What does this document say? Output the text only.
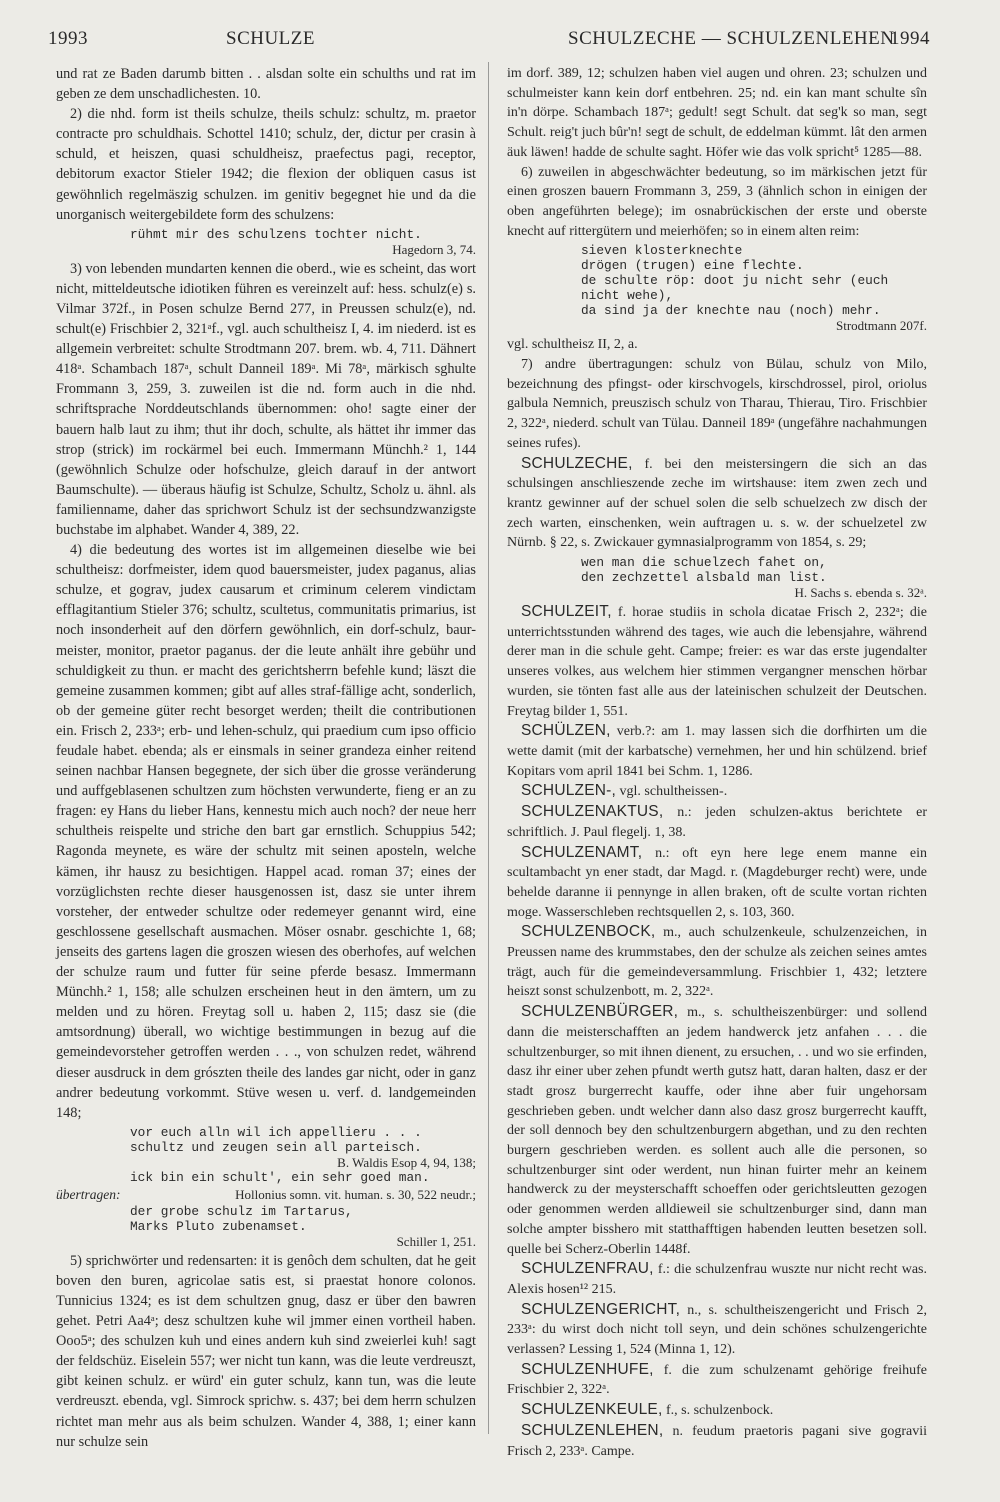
1993	SCHULZE	SCHULZECHE — SCHULZENLEHEN
1994

und rat ze Baden darumb bitten . . alsdan solte ein schulths und rat im geben ze dem unschadlichesten. 10.

2) die nhd. form ist theils schulze, theils schulz: schultz, m. praetor contracte pro schuldhais. Schottel 1410; schulz, der, dictur per crasin à schuld, et heiszen, quasi schuldheisz, praefectus pagi, receptor, debitorum exactor Stieler 1942; die flexion der obliquen casus ist gewöhnlich regelmäszig schulzen. im genitiv begegnet hie und da die unorganisch weitergebildete form des schulzens:

rühmt mir des schulzens tochter nicht.
Hagedorn 3, 74.

3) von lebenden mundarten kennen die oberd., wie es scheint, das wort nicht, mitteldeutsche idiotiken führen es vereinzelt auf: hess. schulz(e) s. Vilmar 372f., in Posen schulze Bernd 277, in Preussen schulz(e), nd. schult(e) Frischbier 2, 321ᵃf., vgl. auch schultheisz I, 4. im niederd. ist es allgemein verbreitet: schulte Strodtmann 207. brem. wb. 4, 711. Dähnert 418ᵃ. Schambach 187ᵃ, schult Danneil 189ᵃ. Mi 78ᵃ, märkisch sghulte Frommann 3, 259, 3. zuweilen ist die nd. form auch in die nhd. schriftsprache Norddeutschlands übernommen: oho! sagte einer der bauern halb laut zu ihm; thut ihr doch, schulte, als hättet ihr immer das strop (strick) im rockärmel bei euch. Immermann Münchh.² 1, 144 (gewöhnlich Schulze oder hofschulze, gleich darauf in der antwort Baumschulte). — überaus häufig ist Schulze, Schultz, Scholz u. ähnl. als familienname, daher das sprichwort Schulz ist der sechsundzwanzigste buchstabe im alphabet. Wander 4, 389, 22.

4) die bedeutung des wortes ist im allgemeinen dieselbe wie bei schultheisz: dorfmeister, idem quod bauersmeister, judex paganus, alias schulze, et gograv, judex causarum et criminum celerem vindictam efflagitantium Stieler 376; schultz, scultetus, communitatis primarius, ist noch insonderheit auf den dörfern gewöhnlich, ein dorf-schulz, baur-meister, monitor, praetor paganus. der die leute anhält ihre gebühr und schuldigkeit zu thun. er macht des gerichtsherrn befehle kund; läszt die gemeine zusammen kommen; gibt auf alles straf-fällige acht, sonderlich, ob der gemeine güter recht besorget werden; theilt die contributionen ein. Frisch 2, 233ᵃ; erb- und lehen-schulz, qui praedium cum ipso officio feudale habet. ebenda; als er einsmals in seiner grandeza einher reitend seinen nachbar Hansen begegnete, der sich über die grosse veränderung und auffgeblasenen schultzen zum höchsten verwunderte, fieng er an zu fragen: ey Hans du lieber Hans, kennestu mich auch noch? der neue herr schultheis reispelte und striche den bart gar ernstlich. Schuppius 542; Ragonda meynete, es wäre der schultz mit seinen aposteln, welche kämen, ihr hausz zu besichtigen. Happel acad. roman 37; eines der vorzüglichsten rechte dieser hausgenossen ist, dasz sie unter ihrem vorsteher, der entweder schultze oder redemeyer genannt wird, eine geschlossene gesellschaft ausmachen. Möser osnabr. geschichte 1, 68; jenseits des gartens lagen die groszen wiesen des oberhofes, auf welchen der schulze raum und futter für seine pferde besasz. Immermann Münchh.² 1, 158; alle schulzen erscheinen heut in den ämtern, um zu melden und zu hören. Freytag soll u. haben 2, 115; dasz sie (die amtsordnung) überall, wo wichtige bestimmungen in bezug auf die gemeindevorsteher getroffen werden . . ., von schulzen redet, während dieser ausdruck in dem grószten theile des landes gar nicht, oder in ganz andrer bedeutung vorkommt. Stüve wesen u. verf. d. landgemeinden 148;

vor euch alln wil ich appellieru . . .
schultz und zeugen sein all parteisch.
B. Waldis Esop 4, 94, 138;
ick bin ein schult', ein sehr goed man.
übertragen:	Hollonius somn. vit. human. s. 30, 522 neudr.;
der grobe schulz im Tartarus,
Marks Pluto zubenamset.
Schiller 1, 251.

5) sprichwörter und redensarten: it is genôch dem schulten, dat he geit boven den buren, agricolae satis est, si praestat honore colonos. Tunnicius 1324; es ist dem schultzen gnug, dasz er über den bawren gehet. Petri Aa4ᵃ; desz schultzen kuhe wil jmmer einen vortheil haben. Ooo5ᵃ; des schulzen kuh und eines andern kuh sind zweierlei kuh! sagt der feldschüz. Eiselein 557; wer nicht tun kann, was die leute verdreuszt, gibt keinen schulz. er würd' ein guter schulz, kann tun, was die leute verdreuszt. ebenda, vgl. Simrock sprichw. s. 437; bei dem herrn schulzen richtet man mehr aus als beim schulzen. Wander 4, 388, 1; einer kann nur schulze sein

im dorf. 389, 12; schulzen haben viel augen und ohren. 23; schulzen und schulmeister kann kein dorf entbehren. 25; nd. ein kan mant schulte sîn in'n dörpe. Schambach 187ᵃ; gedult! segt Schult. dat seg'k so man, segt Schult. reig't juch bûr'n! segt de schult, de eddelman kümmt. lât den armen äuk läwen! hadde de schulte saght. Höfer wie das volk spricht⁵ 1285—88.

6) zuweilen in abgeschwächter bedeutung, so im märkischen jetzt für einen groszen bauern Frommann 3, 259, 3 (ähnlich schon in einigen der oben angeführten belege); im osnabrückischen der erste und oberste knecht auf rittergütern und meierhöfen; so in einem alten reim:

sieven klosterknechte
drögen (trugen) eine flechte.
de schulte röp: doot ju nicht sehr (euch nicht wehe),
da sind ja der knechte nau (noch) mehr.
Strodtmann 207f.

vgl. schultheisz II, 2, a.

7) andre übertragungen: schulz von Bülau, schulz von Milo, bezeichnung des pfingst- oder kirschvogels, kirschdrossel, pirol, oriolus galbula Nemnich, preuszisch schulz von Tharau, Thierau, Tiro. Frischbier 2, 322ᵃ, niederd. schult van Tülau. Danneil 189ᵃ (ungefähre nachahmungen seines rufes).

SCHULZECHE, f. bei den meistersingern die sich an das schulsingen anschlieszende zeche im wirtshause: item zwen zech und krantz gewinner auf der schuel solen die selb schuelzech zw disch der zech warten, einschenken, wein auftragen u. s. w. der schuelzetel zw Nürnb. § 22, s. Zwickauer gymnasialprogramm von 1854, s. 29;

wen man die schuelzech fahet on,
den zechzettel alsbald man list.
H. Sachs s. ebenda s. 32ᵃ.

SCHULZEIT, f. horae studiis in schola dicatae Frisch 2, 232ᵃ; die unterrichtsstunden während des tages, wie auch die lebensjahre, während derer man in die schule geht. Campe; freier: es war das erste jugendalter unseres volkes, aus welchem hier stimmen vergangner menschen hörbar wurden, sie tönten fast alle aus der lateinischen schulzeit der Deutschen. Freytag bilder 1, 551.

SCHÜLZEN, verb.?: am 1. may lassen sich die dorfhirten um die wette damit (mit der karbatsche) vernehmen, her und hin schülzend. brief Kopitars vom april 1841 bei Schm. 1, 1286.

SCHULZEN-, vgl. schultheissen-.

SCHULZENAKTUS, n.: jeden schulzen-aktus berichtete er schriftlich. J. Paul flegelj. 1, 38.

SCHULZENAMT, n.: oft eyn here lege enem manne ein scultambacht yn ener stadt, dar Magd. r. (Magdeburger recht) were, unde behelde daranne ii pennynge in allen braken, oft de sculte vortan richten moge. Wasserschleben rechtsquellen 2, s. 103, 360.

SCHULZENBOCK, m., auch schulzenkeule, schulzenzeichen, in Preussen name des krummstabes, den der schulze als zeichen seines amtes trägt, auch für die gemeindeversammlung. Frischbier 1, 432; letztere heiszt sonst schulzenbott, m. 2, 322ᵃ.

SCHULZENBÜRGER, m., s. schultheiszenbürger: und sollend dann die meisterschafften an jedem handwerck jetz anfahen . . . die schultzenburger, so mit ihnen dienent, zu ersuchen, . . und wo sie erfinden, dasz ihr einer uber zehen pfundt werth gutsz hatt, daran halten, dasz er der stadt grosz burgerrecht kauffe, oder ihne aber fuir ungehorsam geschrieben geben. undt welcher dann also dasz grosz burgerrecht kaufft, der soll dennoch bey den schultzenburgern abgethan, und zu den rechten burgern geschrieben werden. es sollent auch alle die personen, so schultzenburger sint oder werdent, nun hinan fuirter mehr an keinem handwerck zu der meysterschafft schoeffen oder gerichtsleutten gezogen oder genommen werden alldieweil sie schultzenburger sind, dann man solche ampter bisshero mit statthafftigen habenden leutten besetzen soll. quelle bei Scherz-Oberlin 1448f.

SCHULZENFRAU, f.: die schulzenfrau wuszte nur nicht recht was. Alexis hosen¹² 215.

SCHULZENGERICHT, n., s. schultheiszengericht und Frisch 2, 233ᵃ: du wirst doch nicht toll seyn, und dein schönes schulzengerichte verlassen? Lessing 1, 524 (Minna 1, 12).

SCHULZENHUFE, f. die zum schulzenamt gehörige freihufe Frischbier 2, 322ᵃ.

SCHULZENKEULE, f., s. schulzenbock.

SCHULZENLEHEN, n. feudum praetoris pagani sive gogravii Frisch 2, 233ᵃ. Campe.
